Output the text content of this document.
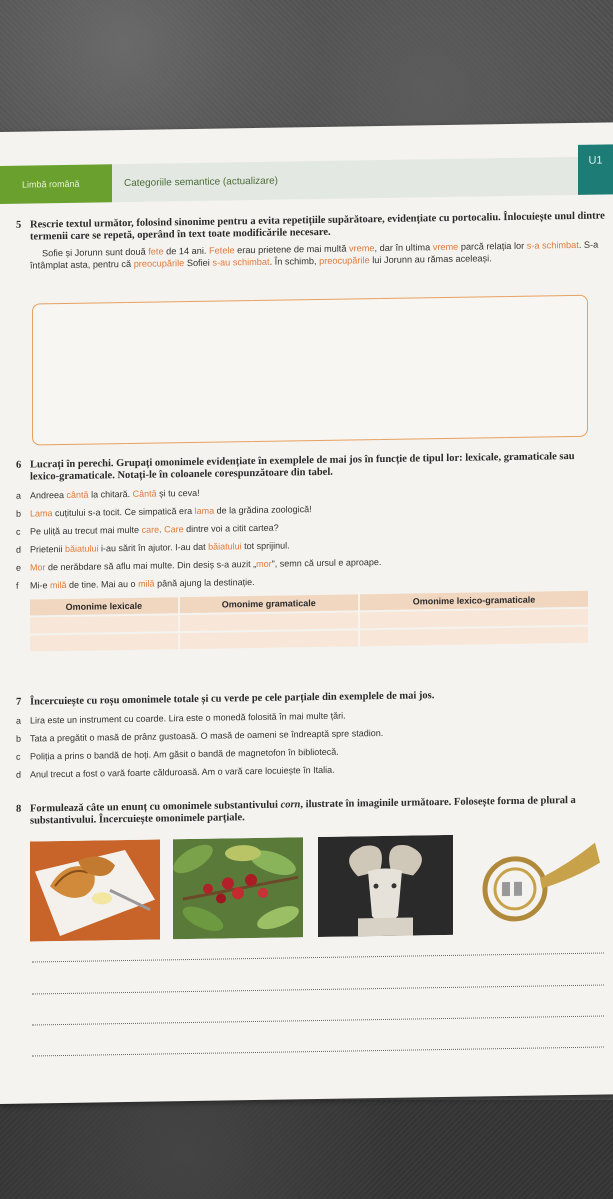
Limbă română	Categoriile semantice (actualizare)
U1
5 Rescrie textul următor, folosind sinonime pentru a evita repetițiile supărătoare, evidențiate cu portocaliu. Înlocuiește unul dintre termenii care se repetă, operând în text toate modificările necesare.
Sofie și Jorunn sunt două fete de 14 ani. Fetele erau prietene de mai multă vreme, dar în ultima vreme parcă relația lor s-a schimbat. S-a întâmplat asta, pentru că preocupările Sofiei s-au schimbat. În schimb, preocupările lui Jorunn au rămas aceleași.
6 Lucrați în perechi. Grupați omonimele evidențiate în exemplele de mai jos în funcție de tipul lor: lexicale, gramaticale sau lexico-gramaticale. Notați-le în coloanele corespunzătoare din tabel.
a Andreea cântă la chitară. Cântă și tu ceva!
b Lama cuțitului s-a tocit. Ce simpatică era lama de la grădina zoologică!
c Pe uliță au trecut mai multe care. Care dintre voi a citit cartea?
d Prietenii băiatului i-au sărit în ajutor. I-au dat băiatului tot sprijinul.
e Mor de nerăbdare să aflu mai multe. Din desiș s-a auzit „mor", semn că ursul e aproape.
f Mi-e milă de tine. Mai au o milă până ajung la destinație.
Omonime lexicale	Omonime gramaticale	Omonime lexico-gramaticale

7 Încercuiește cu roșu omonimele totale și cu verde pe cele parțiale din exemplele de mai jos.
a Lira este un instrument cu coarde. Lira este o monedă folosită în mai multe țări.
b Tata a pregătit o masă de prânz gustoasă. O masă de oameni se îndreaptă spre stadion.
c Poliția a prins o bandă de hoți. Am găsit o bandă de magnetofon în bibliotecă.
d Anul trecut a fost o vară foarte călduroasă. Am o vară care locuiește în Italia.
8 Formulează câte un enunț cu omonimele substantivului corn, ilustrate în imaginile următoare. Folosește forma de plural a substantivului. Încercuiește omonimele parțiale.
